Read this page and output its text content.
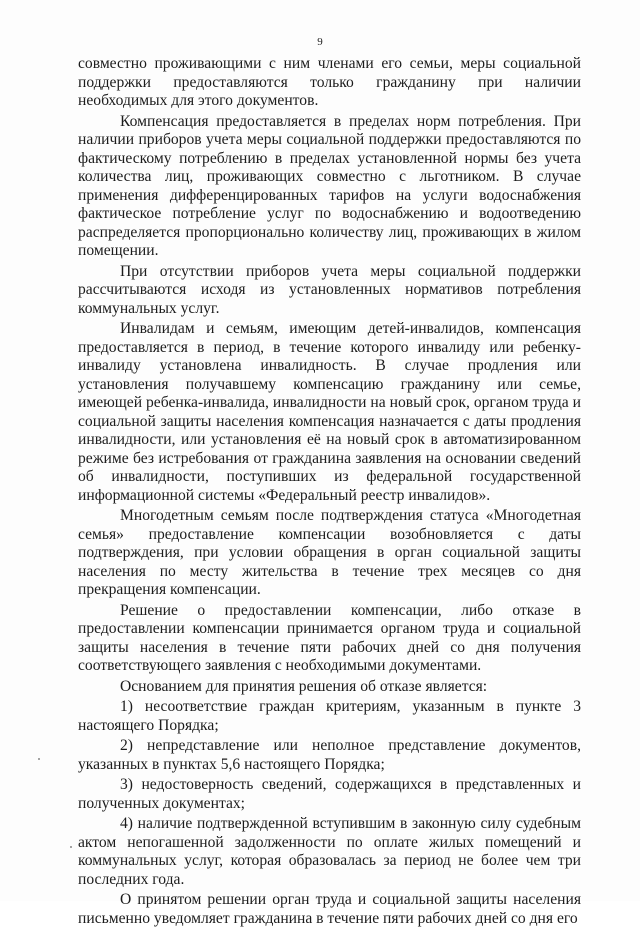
9

совместно проживающими с ним членами его семьи, меры социальной поддержки предоставляются только гражданину при наличии необходимых для этого документов.

Компенсация предоставляется в пределах норм потребления. При наличии приборов учета меры социальной поддержки предоставляются по фактическому потреблению в пределах установленной нормы без учета количества лиц, проживающих совместно с льготником. В случае применения дифференцированных тарифов на услуги водоснабжения фактическое потребление услуг по водоснабжению и водоотведению распределяется пропорционально количеству лиц, проживающих в жилом помещении.

При отсутствии приборов учета меры социальной поддержки рассчитываются исходя из установленных нормативов потребления коммунальных услуг.

Инвалидам и семьям, имеющим детей-инвалидов, компенсация предоставляется в период, в течение которого инвалиду или ребенку-инвалиду установлена инвалидность. В случае продления или установления получавшему компенсацию гражданину или семье, имеющей ребенка-инвалида, инвалидности на новый срок, органом труда и социальной защиты населения компенсация назначается с даты продления инвалидности, или установления её на новый срок в автоматизированном режиме без истребования от гражданина заявления на основании сведений об инвалидности, поступивших из федеральной государственной информационной системы «Федеральный реестр инвалидов».

Многодетным семьям после подтверждения статуса «Многодетная семья» предоставление компенсации возобновляется с даты подтверждения, при условии обращения в орган социальной защиты населения по месту жительства в течение трех месяцев со дня прекращения компенсации.

Решение о предоставлении компенсации, либо отказе в предоставлении компенсации принимается органом труда и социальной защиты населения в течение пяти рабочих дней со дня получения соответствующего заявления с необходимыми документами.

Основанием для принятия решения об отказе является:

1) несоответствие граждан критериям, указанным в пункте 3 настоящего Порядка;

2) непредставление или неполное представление документов, указанных в пунктах 5,6 настоящего Порядка;

3) недостоверность сведений, содержащихся в представленных и полученных документах;

4) наличие подтвержденной вступившим в законную силу судебным актом непогашенной задолженности по оплате жилых помещений и коммунальных услуг, которая образовалась за период не более чем три последних года.

О принятом решении орган труда и социальной защиты населения письменно уведомляет гражданина в течение пяти рабочих дней со дня его
